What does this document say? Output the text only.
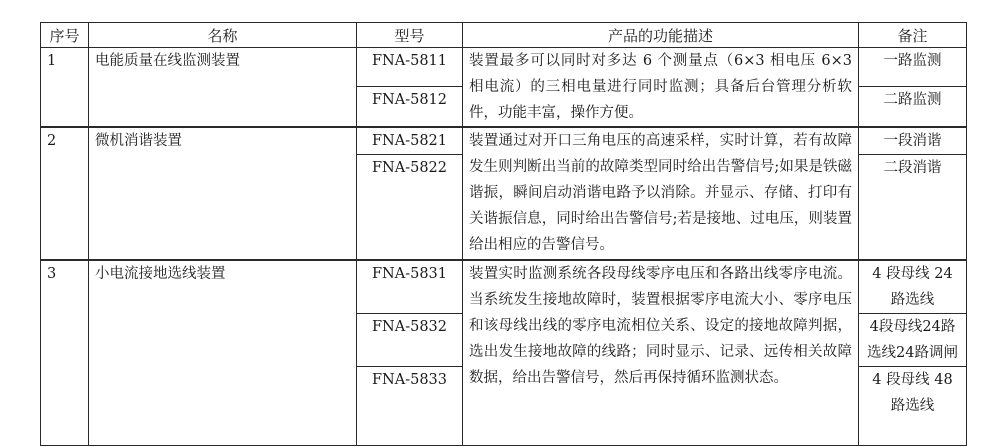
序号	名称	型号	产品的功能描述	备注
1	电能质量在线监测装置	FNA-5811	装置最多可以同时对多达 6 个测量点（6×3 相电压 6×3 相电流）的三相电量进行同时监测；具备后台管理分析软件，功能丰富，操作方便。	一路监测
		FNA-5812		二路监测
2	微机消谐装置	FNA-5821	装置通过对开口三角电压的高速采样，实时计算，若有故障发生则判断出当前的故障类型同时给出告警信号;如果是铁磁谐振，瞬间启动消谐电路予以消除。并显示、存储、打印有关谐振信息，同时给出告警信号;若是接地、过电压，则装置给出相应的告警信号。	一段消谐
		FNA-5822		二段消谐
3	小电流接地选线装置	FNA-5831	装置实时监测系统各段母线零序电压和各路出线零序电流。当系统发生接地故障时，装置根据零序电流大小、零序电压和该母线出线的零序电流相位关系、设定的接地故障判据，选出发生接地故障的线路；同时显示、记录、远传相关故障数据，给出告警信号，然后再保持循环监测状态。	4 段母线 24 路选线
		FNA-5832		4段母线24路选线24路调闸
		FNA-5833		4 段母线 48 路选线
